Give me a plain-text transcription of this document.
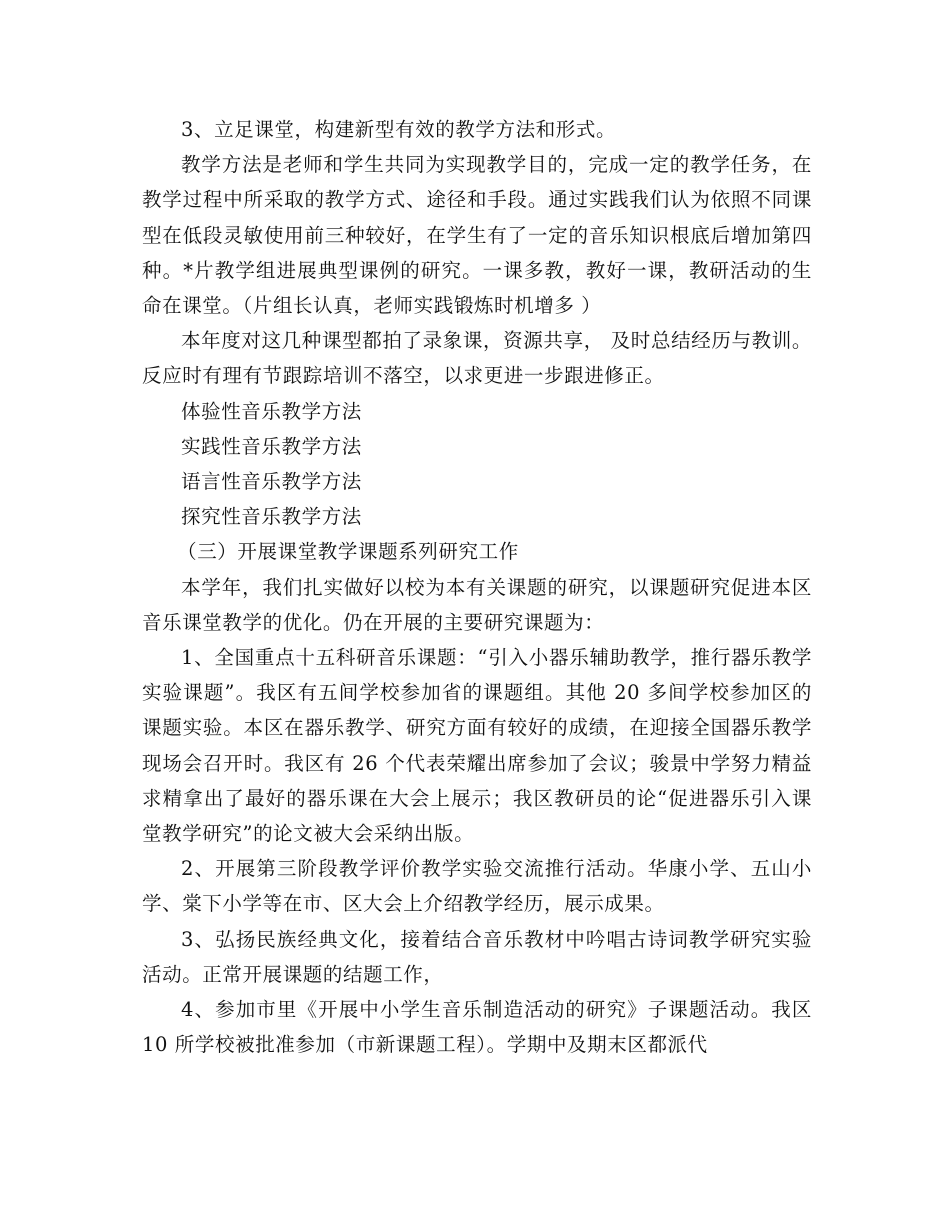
3、立足课堂，构建新型有效的教学方法和形式。

教学方法是老师和学生共同为实现教学目的，完成一定的教学任务，在教学过程中所采取的教学方式、途径和手段。通过实践我们认为依照不同课型在低段灵敏使用前三种较好，在学生有了一定的音乐知识根底后增加第四种。*片教学组进展典型课例的研究。一课多教，教好一课，教研活动的生命在课堂。（片组长认真，老师实践锻炼时机增多 ）

本年度对这几种课型都拍了录象课，资源共享， 及时总结经历与教训。反应时有理有节跟踪培训不落空，以求更进一步跟进修正。

体验性音乐教学方法

实践性音乐教学方法

语言性音乐教学方法

探究性音乐教学方法

（三）开展课堂教学课题系列研究工作

本学年，我们扎实做好以校为本有关课题的研究，以课题研究促进本区音乐课堂教学的优化。仍在开展的主要研究课题为：

1、全国重点十五科研音乐课题：“引入小器乐辅助教学，推行器乐教学实验课题”。我区有五间学校参加省的课题组。其他 20 多间学校参加区的课题实验。本区在器乐教学、研究方面有较好的成绩，在迎接全国器乐教学现场会召开时。我区有 26 个代表荣耀出席参加了会议；骏景中学努力精益求精拿出了最好的器乐课在大会上展示；我区教研员的论“促进器乐引入课堂教学研究”的论文被大会采纳出版。

2、开展第三阶段教学评价教学实验交流推行活动。华康小学、五山小学、棠下小学等在市、区大会上介绍教学经历，展示成果。

3、弘扬民族经典文化，接着结合音乐教材中吟唱古诗词教学研究实验活动。正常开展课题的结题工作，

4、参加市里《开展中小学生音乐制造活动的研究》子课题活动。我区 10 所学校被批准参加（市新课题工程）。学期中及期末区都派代
